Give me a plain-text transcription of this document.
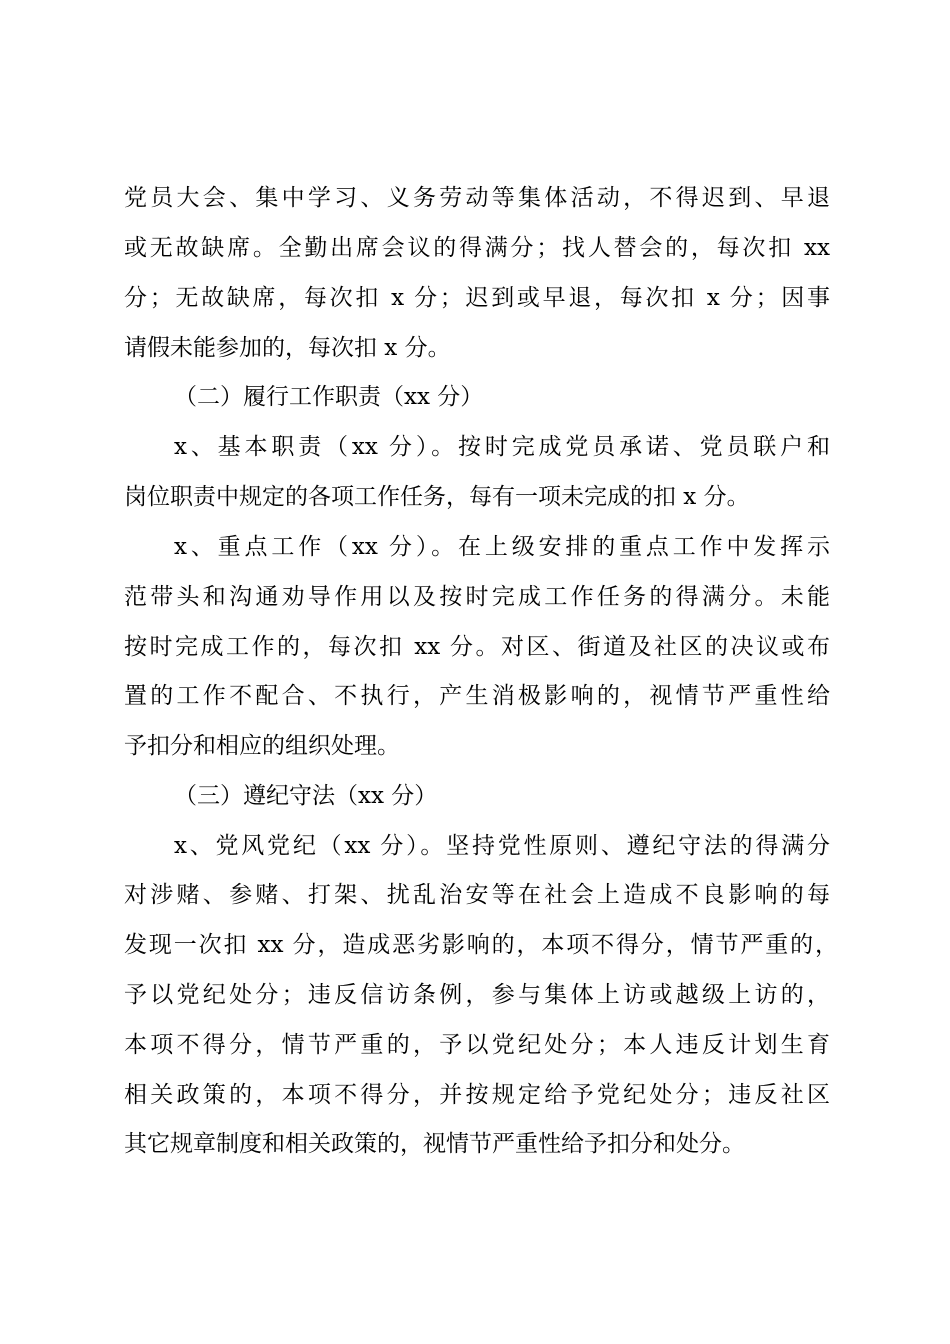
党员大会、集中学习、义务劳动等集体活动，不得迟到、早退
或无故缺席。全勤出席会议的得满分；找人替会的，每次扣 xx
分；无故缺席，每次扣 x 分；迟到或早退，每次扣 x 分；因事
请假未能参加的，每次扣 x 分。
（二）履行工作职责（xx 分）
x、基本职责（xx 分）。按时完成党员承诺、党员联户和
岗位职责中规定的各项工作任务，每有一项未完成的扣 x 分。
x、重点工作（xx 分）。在上级安排的重点工作中发挥示
范带头和沟通劝导作用以及按时完成工作任务的得满分。未能
按时完成工作的，每次扣 xx 分。对区、街道及社区的决议或布
置的工作不配合、不执行，产生消极影响的，视情节严重性给
予扣分和相应的组织处理。
（三）遵纪守法（xx 分）
x、党风党纪（xx 分）。坚持党性原则、遵纪守法的得满分
对涉赌、参赌、打架、扰乱治安等在社会上造成不良影响的每
发现一次扣 xx 分，造成恶劣影响的，本项不得分，情节严重的，
予以党纪处分；违反信访条例，参与集体上访或越级上访的，
本项不得分，情节严重的，予以党纪处分；本人违反计划生育
相关政策的，本项不得分，并按规定给予党纪处分；违反社区
其它规章制度和相关政策的，视情节严重性给予扣分和处分。
